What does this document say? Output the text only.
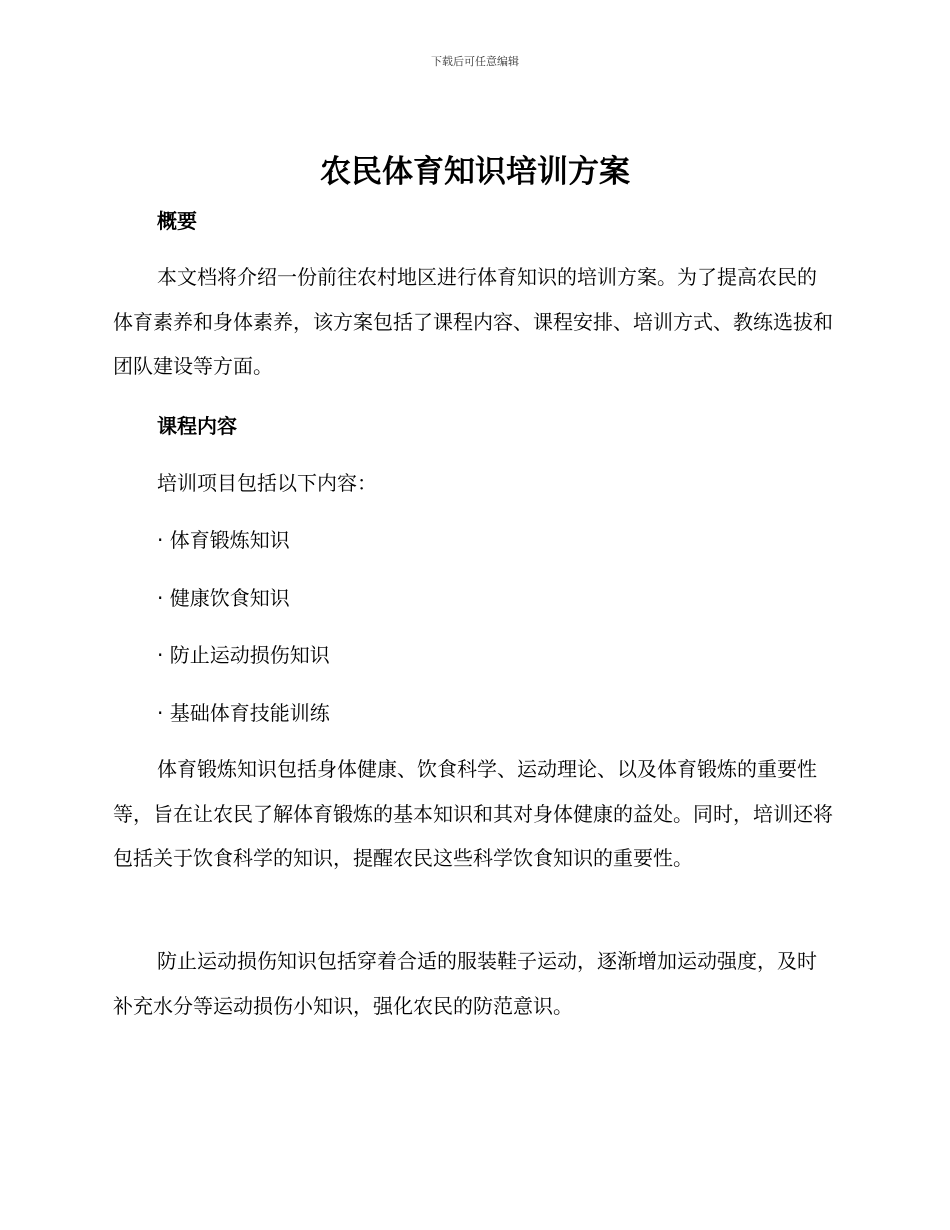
下载后可任意编辑
农民体育知识培训方案
概要

本文档将介绍一份前往农村地区进行体育知识的培训方案。为了提高农民的体育素养和身体素养，该方案包括了课程内容、课程安排、培训方式、教练选拔和团队建设等方面。

课程内容

培训项目包括以下内容：

· 体育锻炼知识

· 健康饮食知识

· 防止运动损伤知识

· 基础体育技能训练

体育锻炼知识包括身体健康、饮食科学、运动理论、以及体育锻炼的重要性等，旨在让农民了解体育锻炼的基本知识和其对身体健康的益处。同时，培训还将包括关于饮食科学的知识，提醒农民这些科学饮食知识的重要性。

防止运动损伤知识包括穿着合适的服装鞋子运动，逐渐增加运动强度，及时补充水分等运动损伤小知识，强化农民的防范意识。
